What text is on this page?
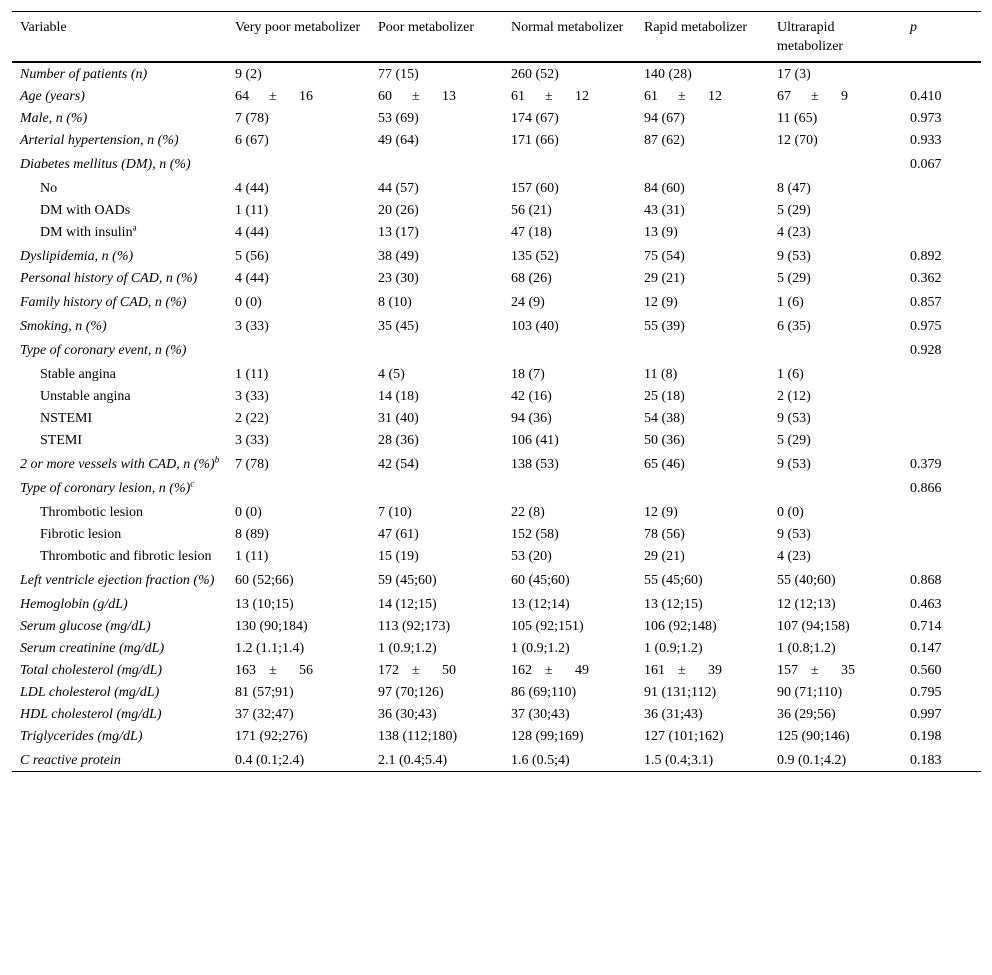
Variable	Very poor metabolizer	Poor metabolizer	Normal metabolizer	Rapid metabolizer	Ultrarapid metabolizer	p
Number of patients (n)	9 (2)	77 (15)	260 (52)	140 (28)	17 (3)	
Age (years)	64 ± 16	60 ± 13	61 ± 12	61 ± 12	67 ± 9	0.410
Male, n (%)	7 (78)	53 (69)	174 (67)	94 (67)	11 (65)	0.973
Arterial hypertension, n (%)	6 (67)	49 (64)	171 (66)	87 (62)	12 (70)	0.933
Diabetes mellitus (DM), n (%)						0.067
No	4 (44)	44 (57)	157 (60)	84 (60)	8 (47)	
DM with OADs	1 (11)	20 (26)	56 (21)	43 (31)	5 (29)	
DM with insulin$^a$	4 (44)	13 (17)	47 (18)	13 (9)	4 (23)	
Dyslipidemia, n (%)	5 (56)	38 (49)	135 (52)	75 (54)	9 (53)	0.892
Personal history of CAD, n (%)	4 (44)	23 (30)	68 (26)	29 (21)	5 (29)	0.362
Family history of CAD, n (%)	0 (0)	8 (10)	24 (9)	12 (9)	1 (6)	0.857
Smoking, n (%)	3 (33)	35 (45)	103 (40)	55 (39)	6 (35)	0.975
Type of coronary event, n (%)						0.928
Stable angina	1 (11)	4 (5)	18 (7)	11 (8)	1 (6)	
Unstable angina	3 (33)	14 (18)	42 (16)	25 (18)	2 (12)	
NSTEMI	2 (22)	31 (40)	94 (36)	54 (38)	9 (53)	
STEMI	3 (33)	28 (36)	106 (41)	50 (36)	5 (29)	
2 or more vessels with CAD, n (%)$^b$	7 (78)	42 (54)	138 (53)	65 (46)	9 (53)	0.379
Type of coronary lesion, n (%)$^c$						0.866
Thrombotic lesion	0 (0)	7 (10)	22 (8)	12 (9)	0 (0)	
Fibrotic lesion	8 (89)	47 (61)	152 (58)	78 (56)	9 (53)	
Thrombotic and fibrotic lesion	1 (11)	15 (19)	53 (20)	29 (21)	4 (23)	
Left ventricle ejection fraction (%)	60 (52;66)	59 (45;60)	60 (45;60)	55 (45;60)	55 (40;60)	0.868
Hemoglobin (g/dL)	13 (10;15)	14 (12;15)	13 (12;14)	13 (12;15)	12 (12;13)	0.463
Serum glucose (mg/dL)	130 (90;184)	113 (92;173)	105 (92;151)	106 (92;148)	107 (94;158)	0.714
Serum creatinine (mg/dL)	1.2 (1.1;1.4)	1 (0.9;1.2)	1 (0.9;1.2)	1 (0.9;1.2)	1 (0.8;1.2)	0.147
Total cholesterol (mg/dL)	163 ± 56	172 ± 50	162 ± 49	161 ± 39	157 ± 35	0.560
LDL cholesterol (mg/dL)	81 (57;91)	97 (70;126)	86 (69;110)	91 (131;112)	90 (71;110)	0.795
HDL cholesterol (mg/dL)	37 (32;47)	36 (30;43)	37 (30;43)	36 (31;43)	36 (29;56)	0.997
Triglycerides (mg/dL)	171 (92;276)	138 (112;180)	128 (99;169)	127 (101;162)	125 (90;146)	0.198
C reactive protein	0.4 (0.1;2.4)	2.1 (0.4;5.4)	1.6 (0.5;4)	1.5 (0.4;3.1)	0.9 (0.1;4.2)	0.183
